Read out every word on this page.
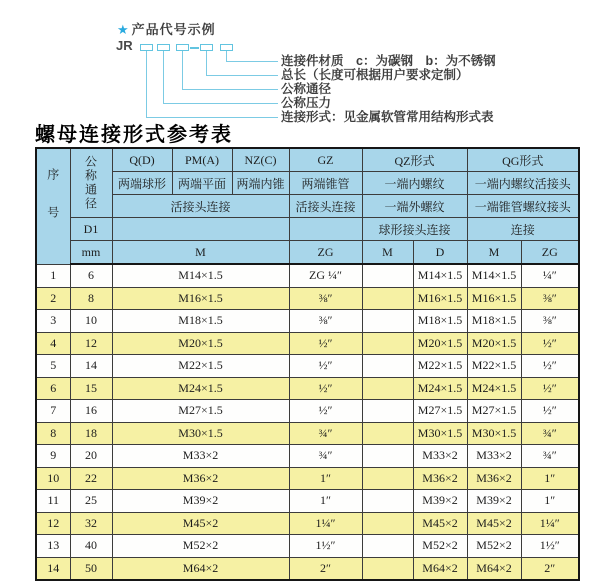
★ 产品代号示例
JR
连接件材质　c：为碳钢　b：为不锈钢
总长（长度可根据用户要求定制）
公称通径
公称压力
连接形式：见金属软管常用结构形式表
螺母连接形式参考表
序号	公称通径	Q(D)	PM(A)	NZ(C)	GZ	QZ形式		QG形式	
		两端球形	两端平面	两端内锥	两端锥管	一端内螺纹		一端内螺纹活接头	
		活接头连接			活接头连接	一端外螺纹		一端锥管螺纹接头	
	D1					球形接头连接		连接	
	mm	M			ZG	M	D	M	ZG
1	6	M14×1.5			ZG ¼″		M14×1.5	M14×1.5	¼″
2	8	M16×1.5			⅜″		M16×1.5	M16×1.5	⅜″
3	10	M18×1.5			⅜″		M18×1.5	M18×1.5	⅜″
4	12	M20×1.5			½″		M20×1.5	M20×1.5	½″
5	14	M22×1.5			½″		M22×1.5	M22×1.5	½″
6	15	M24×1.5			½″		M24×1.5	M24×1.5	½″
7	16	M27×1.5			½″		M27×1.5	M27×1.5	½″
8	18	M30×1.5			¾″		M30×1.5	M30×1.5	¾″
9	20	M33×2			¾″		M33×2	M33×2	¾″
10	22	M36×2			1″		M36×2	M36×2	1″
11	25	M39×2			1″		M39×2	M39×2	1″
12	32	M45×2			1¼″		M45×2	M45×2	1¼″
13	40	M52×2			1½″		M52×2	M52×2	1½″
14	50	M64×2			2″		M64×2	M64×2	2″
